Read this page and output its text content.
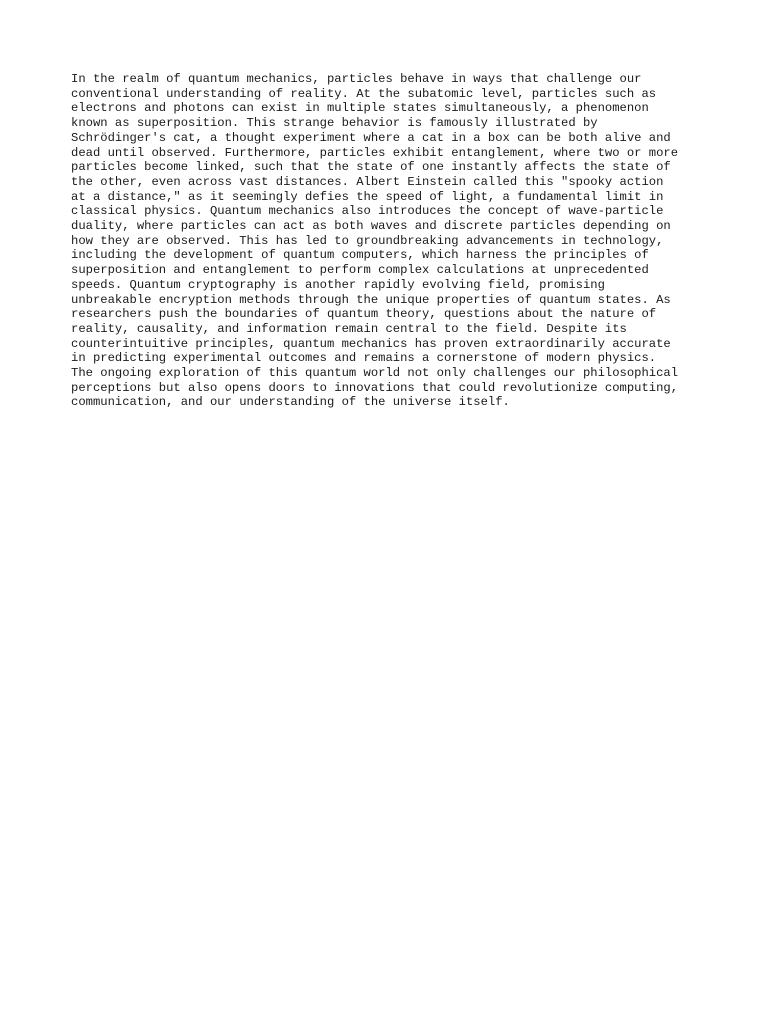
In the realm of quantum mechanics, particles behave in ways that challenge our
conventional understanding of reality. At the subatomic level, particles such as
electrons and photons can exist in multiple states simultaneously, a phenomenon
known as superposition. This strange behavior is famously illustrated by
Schrödinger's cat, a thought experiment where a cat in a box can be both alive and
dead until observed. Furthermore, particles exhibit entanglement, where two or more
particles become linked, such that the state of one instantly affects the state of
the other, even across vast distances. Albert Einstein called this "spooky action
at a distance," as it seemingly defies the speed of light, a fundamental limit in
classical physics. Quantum mechanics also introduces the concept of wave-particle
duality, where particles can act as both waves and discrete particles depending on
how they are observed. This has led to groundbreaking advancements in technology,
including the development of quantum computers, which harness the principles of
superposition and entanglement to perform complex calculations at unprecedented
speeds. Quantum cryptography is another rapidly evolving field, promising
unbreakable encryption methods through the unique properties of quantum states. As
researchers push the boundaries of quantum theory, questions about the nature of
reality, causality, and information remain central to the field. Despite its
counterintuitive principles, quantum mechanics has proven extraordinarily accurate
in predicting experimental outcomes and remains a cornerstone of modern physics.
The ongoing exploration of this quantum world not only challenges our philosophical
perceptions but also opens doors to innovations that could revolutionize computing,
communication, and our understanding of the universe itself.
